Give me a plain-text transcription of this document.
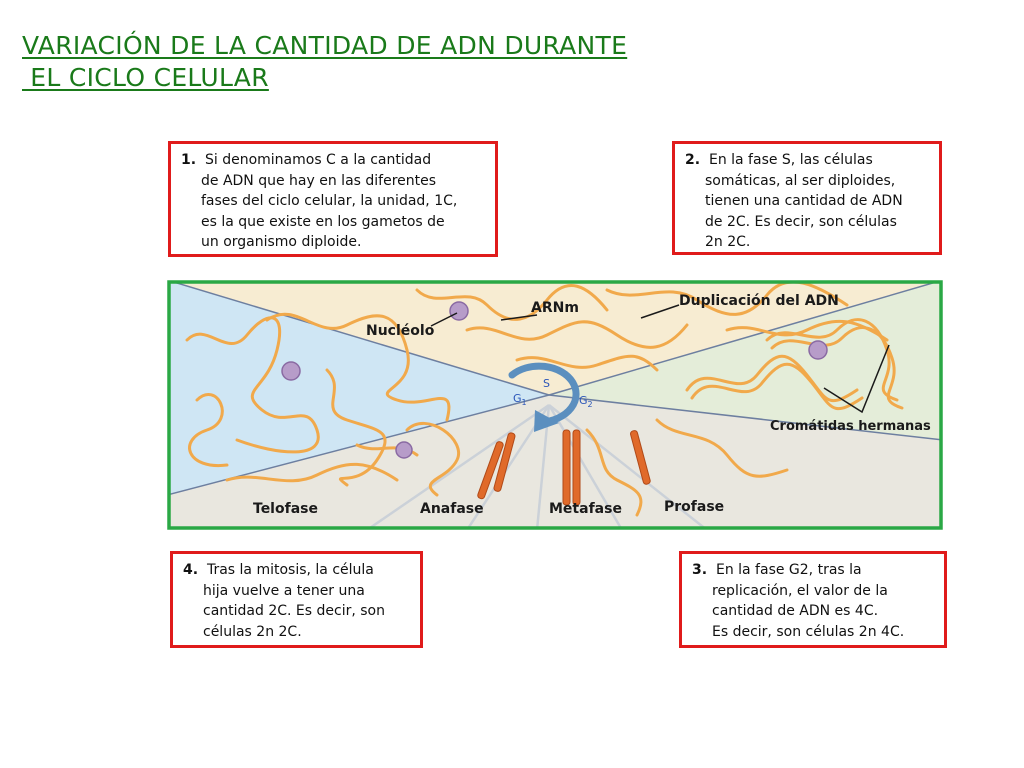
VARIACIÓN DE LA CANTIDAD DE ADN DURANTE
EL CICLO CELULAR
1. Si denominamos C a la cantidad
de ADN que hay en las diferentes
fases del ciclo celular, la unidad, 1C,
es la que existe en los gametos de
un organismo diploide.
2. En la fase S, las células
somáticas, al ser diploides,
tienen una cantidad de ADN
de 2C. Es decir, son células
2n 2C.
Nucléolo
ARNm	Duplicación del ADN
Cromátidas hermanas
Telofase	Anafase	Metafase	Profase
S
$G_1$	$G_2$
4. Tras la mitosis, la célula
hija vuelve a tener una
cantidad 2C. Es decir, son
células 2n 2C.
3. En la fase G2, tras la
replicación, el valor de la
cantidad de ADN es 4C.
Es decir, son células 2n 4C.
